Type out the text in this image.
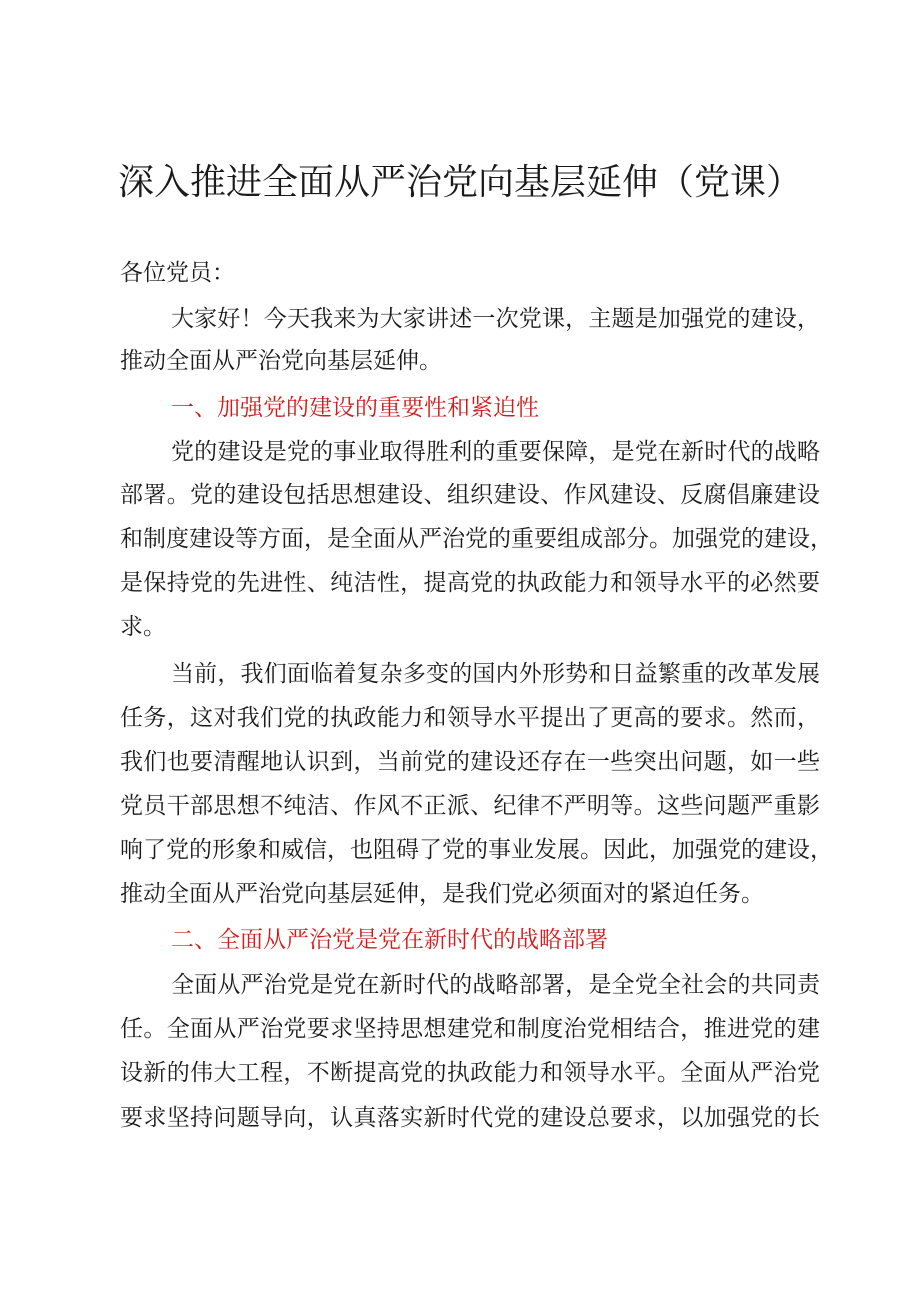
深入推进全面从严治党向基层延伸（党课）
各位党员：
大家好！今天我来为大家讲述一次党课，主题是加强党的建设，
推动全面从严治党向基层延伸。
一、加强党的建设的重要性和紧迫性
党的建设是党的事业取得胜利的重要保障，是党在新时代的战略
部署。党的建设包括思想建设、组织建设、作风建设、反腐倡廉建设
和制度建设等方面，是全面从严治党的重要组成部分。加强党的建设，
是保持党的先进性、纯洁性，提高党的执政能力和领导水平的必然要
求。
当前，我们面临着复杂多变的国内外形势和日益繁重的改革发展
任务，这对我们党的执政能力和领导水平提出了更高的要求。然而，
我们也要清醒地认识到，当前党的建设还存在一些突出问题，如一些
党员干部思想不纯洁、作风不正派、纪律不严明等。这些问题严重影
响了党的形象和威信，也阻碍了党的事业发展。因此，加强党的建设，
推动全面从严治党向基层延伸，是我们党必须面对的紧迫任务。
二、全面从严治党是党在新时代的战略部署
全面从严治党是党在新时代的战略部署，是全党全社会的共同责
任。全面从严治党要求坚持思想建党和制度治党相结合，推进党的建
设新的伟大工程，不断提高党的执政能力和领导水平。全面从严治党
要求坚持问题导向，认真落实新时代党的建设总要求，以加强党的长
